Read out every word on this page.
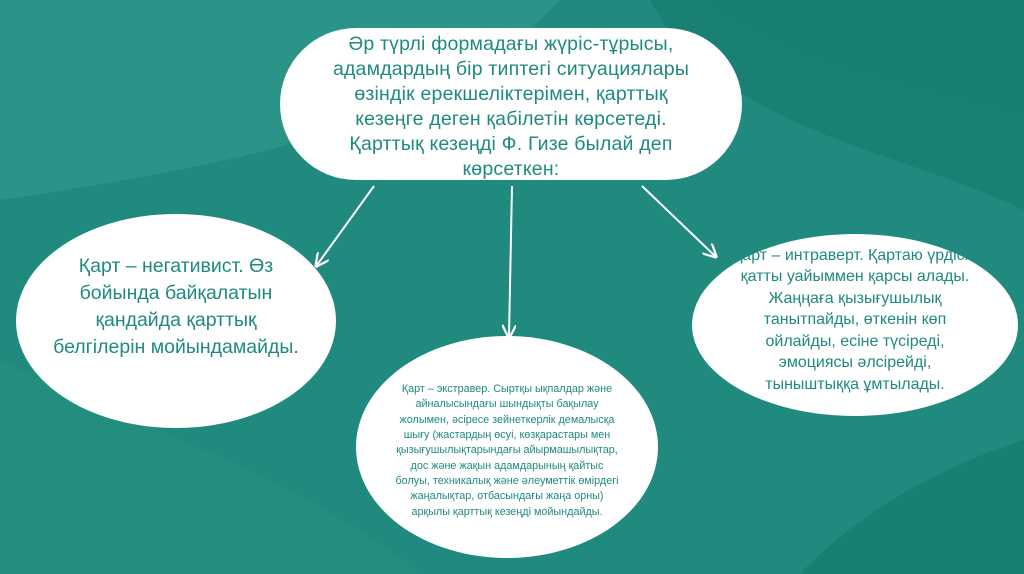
Әр түрлі формадағы жүріс-тұрысы,
адамдардың бір типтегі ситуациялары
өзіндік ерекшеліктерімен, қарттық
кезеңге деген қабілетін көрсетеді.
Қарттық кезеңді Ф. Гизе былай деп
көрсеткен:
Қарт – негативист. Өз
бойында байқалатын
қандайда қарттық
белгілерін мойындамайды.
Қарт – интраверт. Қартаю үрдісін
қатты уайыммен қарсы алады.
Жаңңаға қызығушылық
танытпайды, өткенін көп
ойлайды, есіне түсіреді,
эмоциясы әлсірейді,
тыныштыққа ұмтылады.
Қарт – экстравер. Сыртқы ықпалдар және
айналысындағы шындықты бақылау
жолымен, әсіресе зейнеткерлік демалысқа
шығу (жастардың өсуі, көзқарастары мен
қызығушылықтарындағы айырмашылықтар,
дос және жақын адамдарының қайтыс
болуы, техникалық және әлеуметтік өмірдегі
жаңалықтар, отбасындағы жаңа орны)
арқылы қарттық кезеңді мойындайды.
